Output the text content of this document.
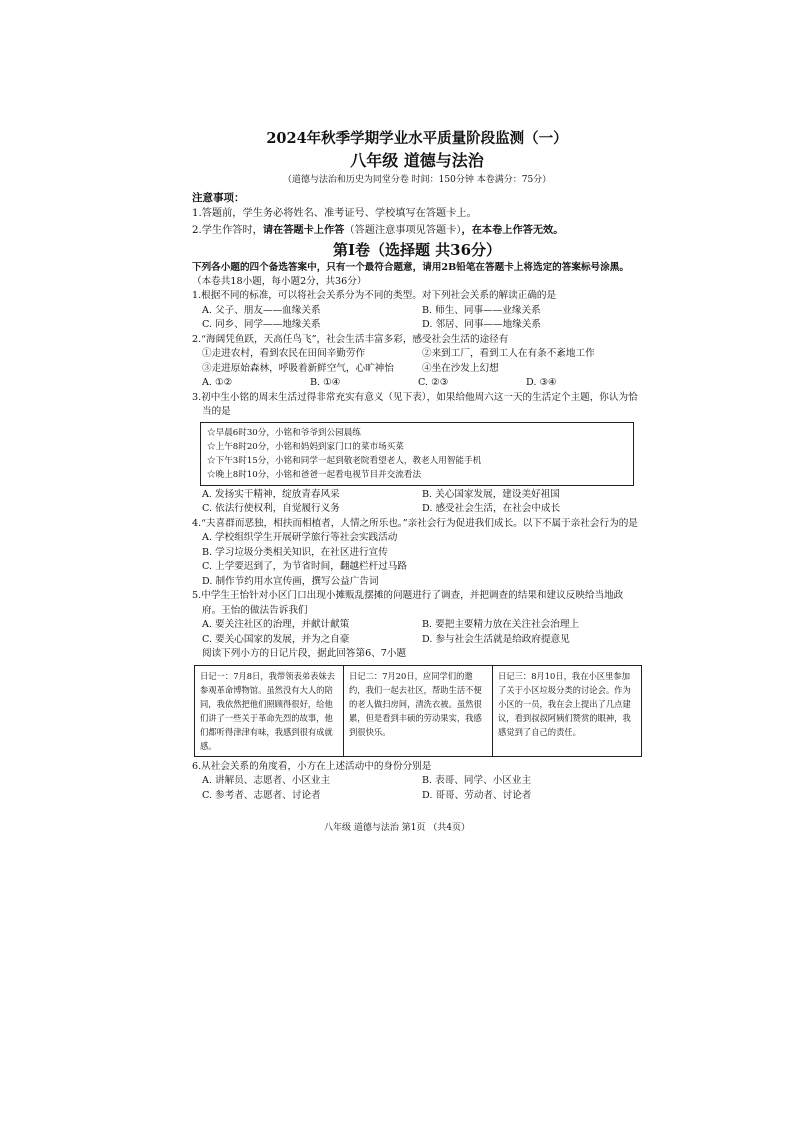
2024年秋季学期学业水平质量阶段监测（一）
八年级 道德与法治
（道德与法治和历史为同堂分卷 时间：150分钟 本卷满分：75分）
注意事项：
1.答题前，学生务必将姓名、准考证号、学校填写在答题卡上。
2.学生作答时，请在答题卡上作答（答题注意事项见答题卡），在本卷上作答无效。
第Ⅰ卷（选择题 共36分）
下列各小题的四个备选答案中，只有一个最符合题意，请用2B铅笔在答题卡上将选定的答案标号涂黑。（本卷共18小题，每小题2分，共36分）
1.根据不同的标准，可以将社会关系分为不同的类型。对下列社会关系的解读正确的是
A. 父子、朋友——血缘关系	B. 师生、同事——业缘关系
C. 同乡、同学——地缘关系	D. 邻居、同事——地缘关系
2.“海阔凭鱼跃，天高任鸟飞”，社会生活丰富多彩，感受社会生活的途径有
①走进农村，看到农民在田间辛勤劳作	②来到工厂，看到工人在有条不紊地工作
③走进原始森林，呼吸着新鲜空气，心旷神怡	④坐在沙发上幻想
A. ①②	B. ①④	C. ②③	D. ③④
3.初中生小铭的周末生活过得非常充实有意义（见下表），如果给他周六这一天的生活定个主题，你认为恰当的是
☆早晨6时30分，小铭和爷爷到公园晨练
☆上午8时20分，小铭和妈妈到家门口的菜市场买菜
☆下午3时15分，小铭和同学一起到敬老院看望老人，教老人用智能手机
☆晚上8时10分，小铭和爸爸一起看电视节目并交流看法
A. 发扬实干精神，绽放青春风采	B. 关心国家发展，建设美好祖国
C. 依法行使权利，自觉履行义务	D. 感受社会生活，在社会中成长
4.“夫喜群而恶独，相扶而相植者，人情之所乐也。”亲社会行为促进我们成长。以下不属于亲社会行为的是
A. 学校组织学生开展研学旅行等社会实践活动
B. 学习垃圾分类相关知识，在社区进行宣传
C. 上学要迟到了，为节省时间，翻越栏杆过马路
D. 制作节约用水宣传画，撰写公益广告词
5.中学生王怡针对小区门口出现小摊贩乱摆摊的问题进行了调查，并把调查的结果和建议反映给当地政府。王怡的做法告诉我们
A. 要关注社区的治理，并献计献策	B. 要把主要精力放在关注社会治理上
C. 要关心国家的发展，并为之自豪	D. 参与社会生活就是给政府提意见
阅读下列小方的日记片段，据此回答第6、7小题
日记一：7月8日，我带领表弟表妹去参观革命博物馆。虽然没有大人的陪同，我依然把他们照顾得很好，给他们讲了一些关于革命先烈的故事，他们都听得津津有味，我感到很有成就感。
日记二：7月20日，应同学们的邀约，我们一起去社区，帮助生活不便的老人做扫房间，清洗衣被。虽然很累，但是看到丰硕的劳动果实，我感到很快乐。
日记三：8月10日，我在小区里参加了关于小区垃圾分类的讨论会。作为小区的一员，我在会上提出了几点建议，看到叔叔阿姨们赞赏的眼神，我感觉到了自己的责任。
6.从社会关系的角度看，小方在上述活动中的身份分别是
A. 讲解员、志愿者、小区业主	B. 表哥、同学、小区业主
C. 参考者、志愿者、讨论者	D. 哥哥、劳动者、讨论者
八年级 道德与法治 第1页 （共4页）
